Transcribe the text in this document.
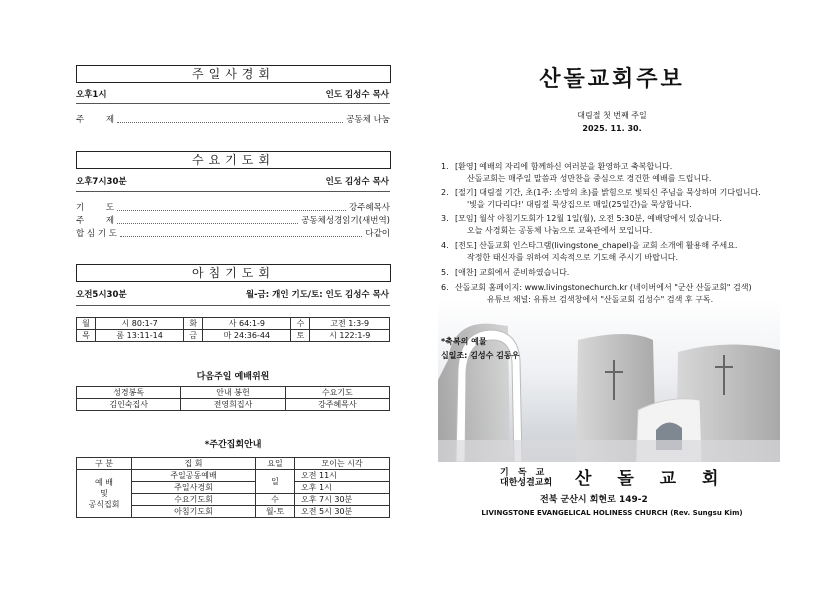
주일사경회
오후1시	인도 김성수 목사
주        제	공동체 나눔
수요기도회
오후7시30분	인도 김성수 목사
기        도	강주혜목사
주        제	공동체성경읽기(새번역)
합 심 기 도	다같이
아침기도회
오전5시30분	월-금: 개인 기도/토: 인도 김성수 목사
월	시 80:1-7	화	사 64:1-9	수	고전 1:3-9
목	롬 13:11-14	금	마 24:36-44	토	시 122:1-9
다음주일 예배위원
성경봉독	안내 봉헌	수요기도
김인숙집사	전영희집사	강주혜목사
*주간집회안내
구 분	집 회	요일	모이는 시각
예 배
및
공식집회	주일공동예배	일	오전 11시
	주일사경회		오후 1시
	수요기도회	수	오후 7시 30분
	아침기도회	월-토	오전 5시 30분
산돌교회주보
대림절 첫 번째 주일
2025. 11. 30.
1. [환영] 예배의 자리에 함께하신 여러분을 환영하고 축복합니다.
산돌교회는 매주일 말씀과 성만찬을 중심으로 경건한 예배를 드립니다.
2. [절기] 대림절 기간, 초(1주: 소망의 초)를 밝힘으로 빛되신 주님을 묵상하며 기다립니다.
'빛을 기다리다!' 대림절 묵상집으로 매일(25일간)을 묵상합니다.
3. [모임] 월삭 아침기도회가 12월 1일(월), 오전 5:30분, 예배당에서 있습니다.
오늘 사경회는 공동체 나눔으로 교육관에서 모입니다.
4. [전도] 산돌교회 인스타그램(livingstone_chapel)을 교회 소개에 활용해 주세요.
작정한 태신자를 위하여 지속적으로 기도해 주시기 바랍니다.
5. [애찬] 교회에서 준비하였습니다.
6. 산돌교회 홈페이지: www.livingstonechurch.kr (네이버에서 "군산 산돌교회" 검색)
유튜브 채널: 유튜브 검색창에서 "산돌교회 김성수" 검색 후 구독.
*축복의 예물
십일조: 김성수 김동우
기 독 교
대한성결교회 산 돌 교 회
전북 군산시 회현로 149-2
LIVINGSTONE EVANGELICAL HOLINESS CHURCH (Rev. Sungsu Kim)
